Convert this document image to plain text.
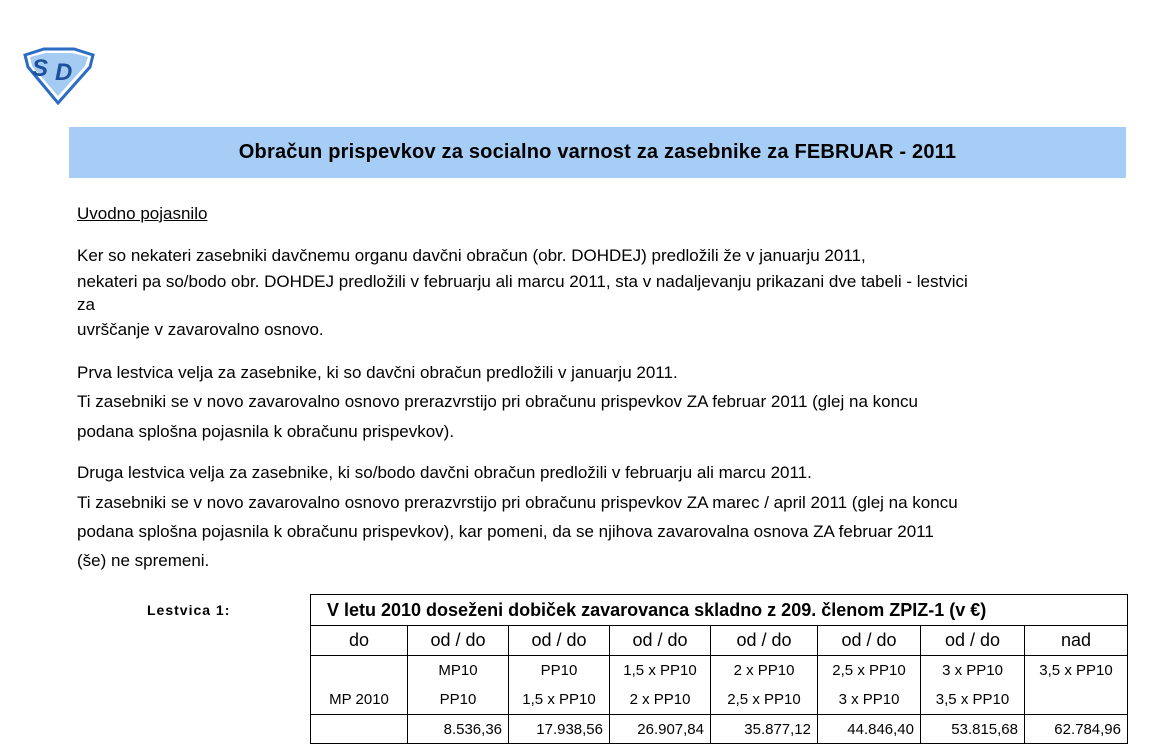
S D
Obračun prispevkov za socialno varnost za zasebnike za FEBRUAR - 2011
Uvodno pojasnilo
Ker so nekateri zasebniki davčnemu organu davčni obračun (obr. DOHDEJ) predložili že v januarju 2011,
nekateri pa so/bodo obr. DOHDEJ predložili v februarju ali marcu 2011, sta v nadaljevanju prikazani dve tabeli - lestvici
za
uvrščanje v zavarovalno osnovo.
Prva lestvica velja za zasebnike, ki so davčni obračun predložili v januarju 2011.
Ti zasebniki se v novo zavarovalno osnovo prerazvrstijo pri obračunu prispevkov ZA februar 2011 (glej na koncu
podana splošna pojasnila k obračunu prispevkov).
Druga lestvica velja za zasebnike, ki so/bodo davčni obračun predložili v februarju ali marcu 2011.
Ti zasebniki se v novo zavarovalno osnovo prerazvrstijo pri obračunu prispevkov ZA marec / april 2011 (glej na koncu
podana splošna pojasnila k obračunu prispevkov), kar pomeni, da se njihova zavarovalna osnova ZA februar 2011
(še) ne spremeni.
Lestvica 1:	V letu 2010 doseženi dobiček zavarovanca skladno z 209. členom ZPIZ-1 (v €)							
do	od / do	od / do	od / do	od / do	od / do	od / do	nad
	MP10	PP10	1,5 x PP10	2 x PP10	2,5 x PP10	3 x PP10	3,5 x PP10
MP 2010	PP10	1,5 x PP10	2 x PP10	2,5 x PP10	3 x PP10	3,5 x PP10	
	8.536,36	17.938,56	26.907,84	35.877,12	44.846,40	53.815,68	62.784,96
